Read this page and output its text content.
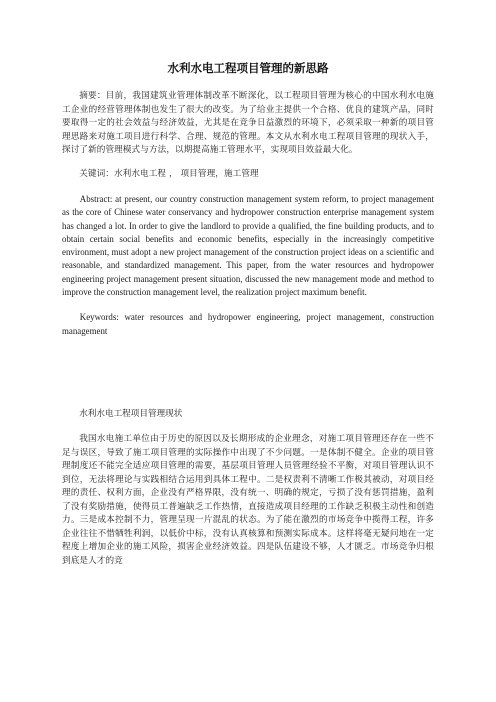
水利水电工程项目管理的新思路

摘要：目前，我国建筑业管理体制改革不断深化，以工程项目管理为核心的中国水利水电施工企业的经营管理体制也发生了很大的改变。为了给业主提供一个合格、优良的建筑产品，同时要取得一定的社会效益与经济效益，尤其是在竞争日益激烈的环境下，必须采取一种新的项目管理思路来对施工项目进行科学、合理、规范的管理。本文从水利水电工程项目管理的现状入手，探讨了新的管理模式与方法，以期提高施工管理水平，实现项目效益最大化。

关键词：水利水电工程 ， 项目管理，施工管理

Abstract: at present, our country construction management system reform, to project management as the core of Chinese water conservancy and hydropower construction enterprise management system has changed a lot. In order to give the landlord to provide a qualified, the fine building products, and to obtain certain social benefits and economic benefits, especially in the increasingly competitive environment, must adopt a new project management of the construction project ideas on a scientific and reasonable, and standardized management. This paper, from the water resources and hydropower engineering project management present situation, discussed the new management mode and method to improve the construction management level, the realization project maximum benefit.

Keywords: water resources and hydropower engineering, project management, construction management

水利水电工程项目管理现状

我国水电施工单位由于历史的原因以及长期形成的企业理念，对施工项目管理还存在一些不足与误区，导致了施工项目管理的实际操作中出现了不少问题。一是体制不健全。企业的项目管理制度还不能完全适应项目管理的需要，基层项目管理人员管理经验不平衡，对项目管理认识不到位，无法将理论与实践相结合运用到具体工程中。二是权责利不清晰工作极其被动，对项目经理的责任、权利方面，企业没有严格界限，没有统一、明确的规定，亏损了没有惩罚措施，盈利了没有奖励措施，使得员工普遍缺乏工作热情，直接造成项目经理的工作缺乏积极主动性和创造力。三是成本控制不力，管理呈现一片混乱的状态。为了能在激烈的市场竞争中揽得工程，许多企业往往不惜牺牲利润，以低价中标，没有认真核算和预测实际成本。这样将毫无疑问地在一定程度上增加企业的施工风险，损害企业经济效益。四是队伍建设不够，人才匮乏。市场竞争归根到底是人才的竞
